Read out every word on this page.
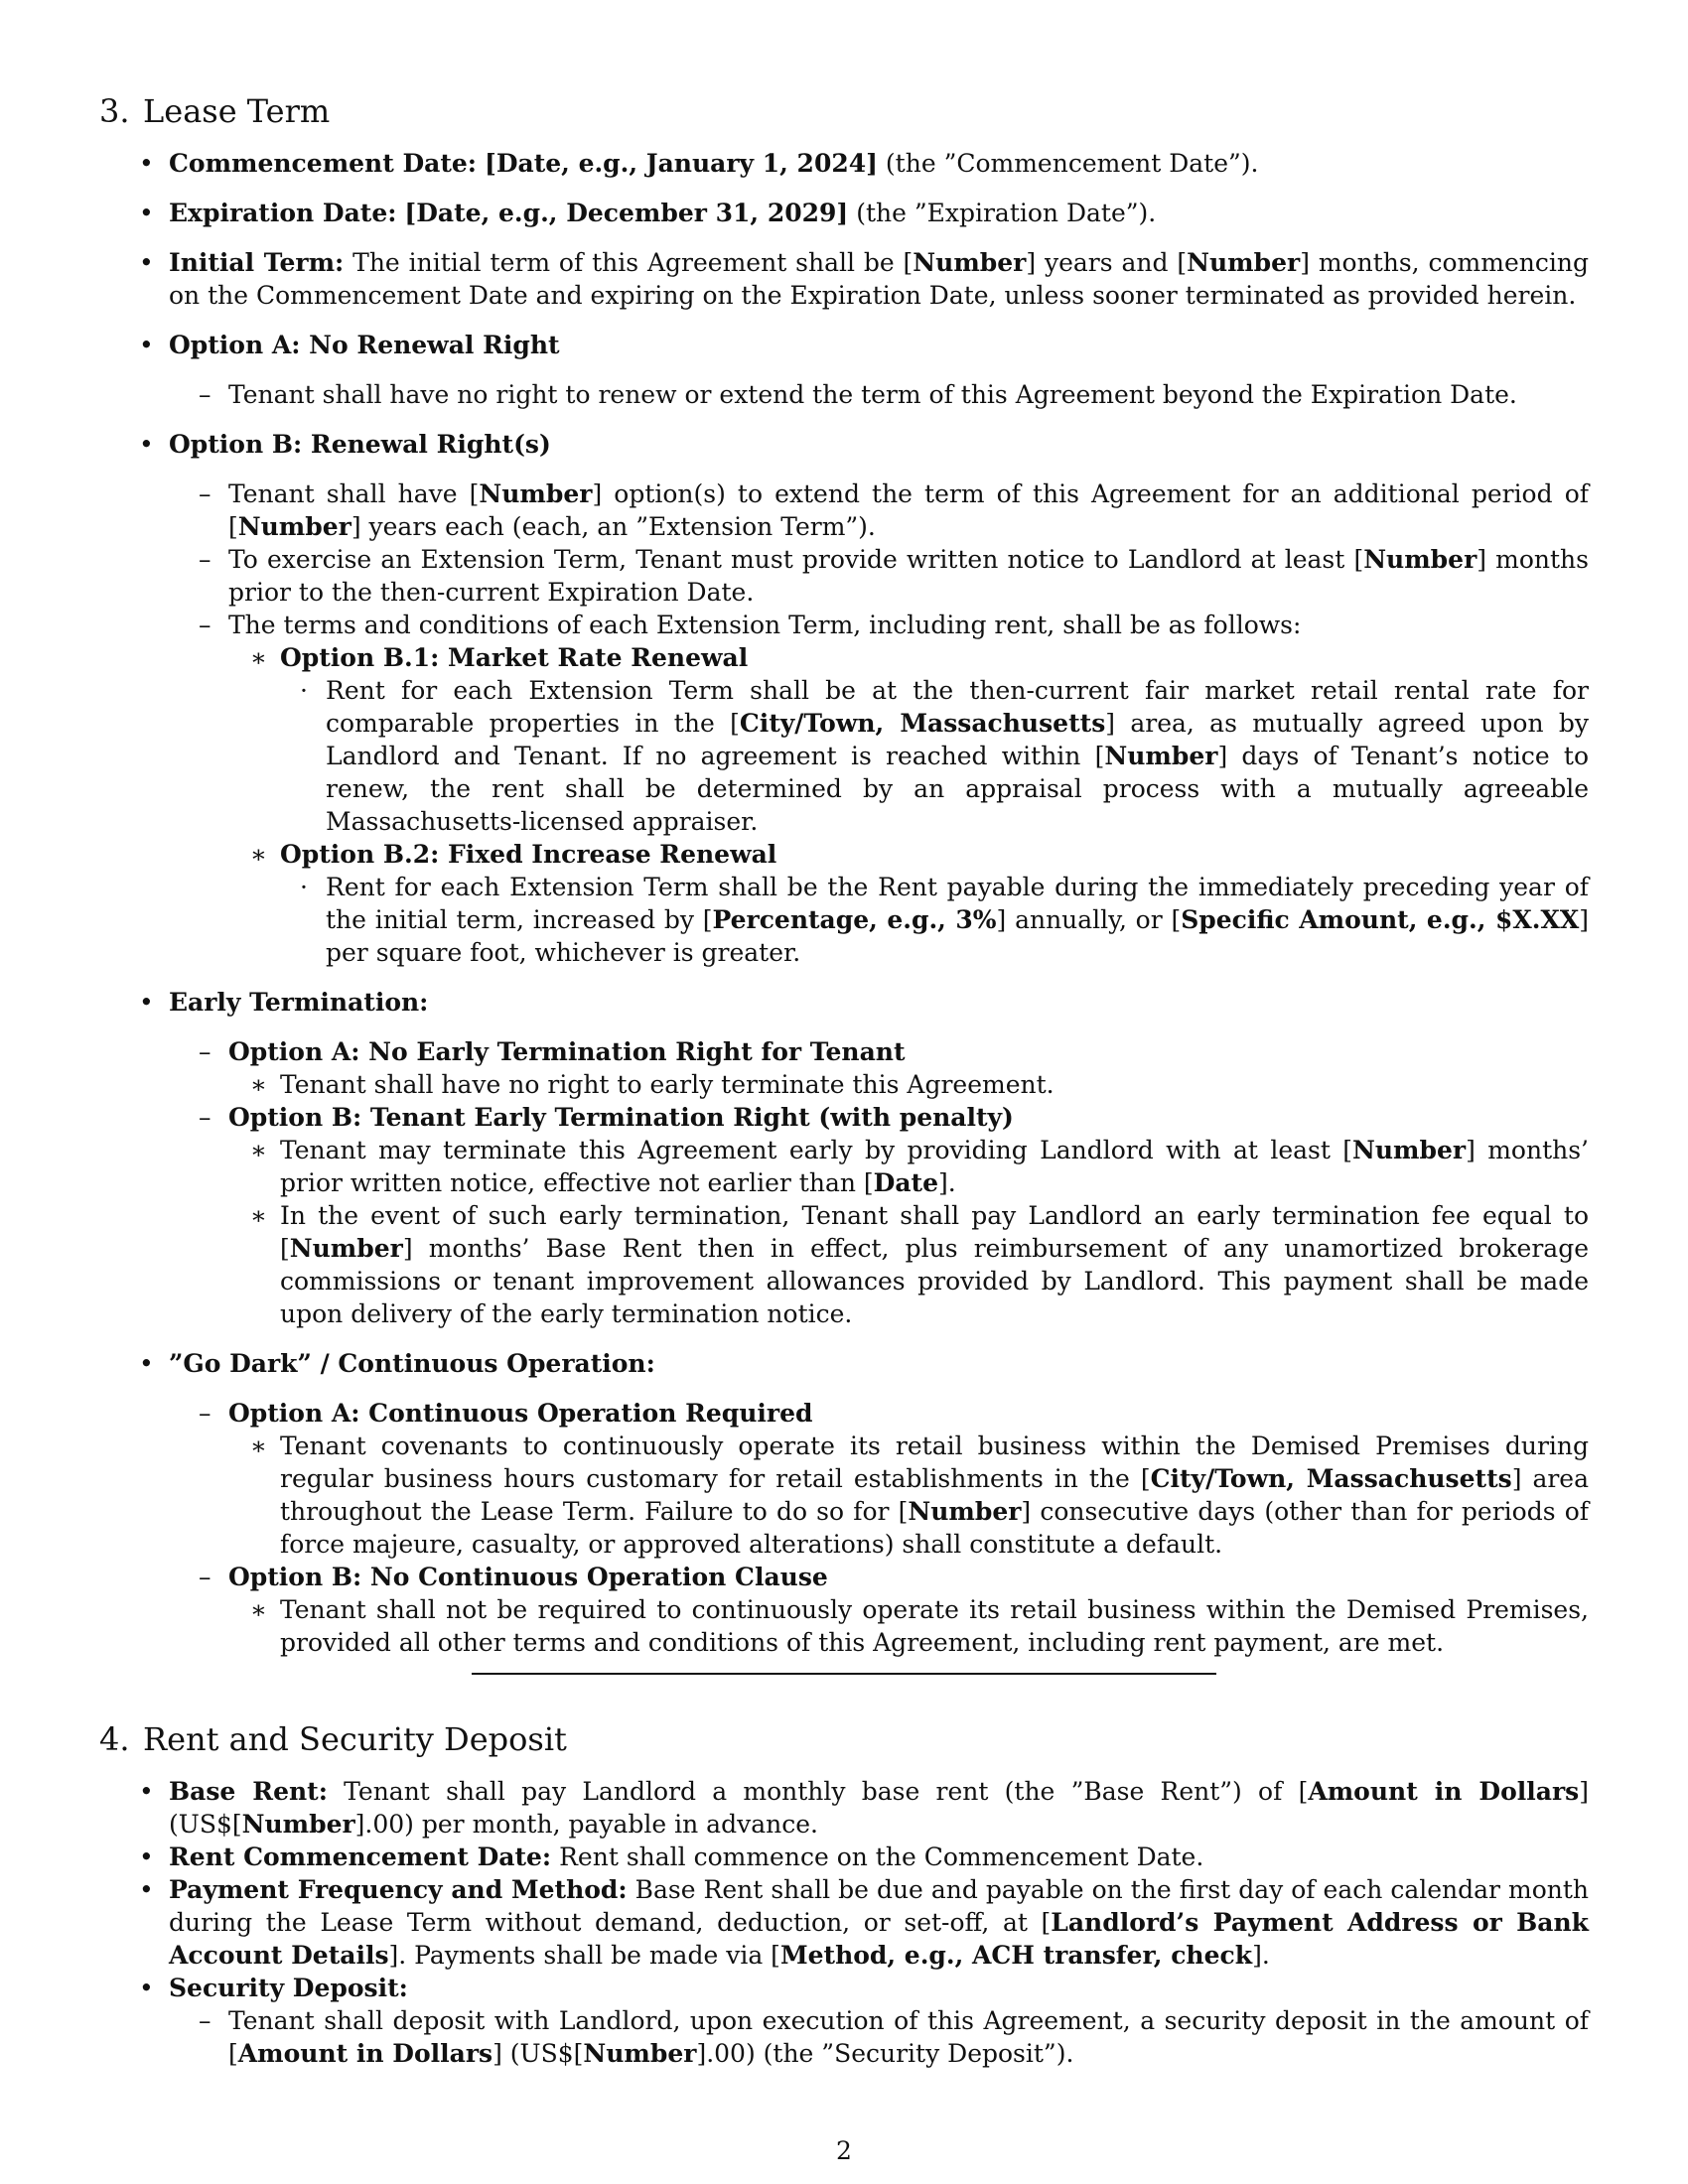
3. Lease Term
• Commencement Date: [Date, e.g., January 1, 2024] (the ”Commencement Date”).
• Expiration Date: [Date, e.g., December 31, 2029] (the ”Expiration Date”).
• Initial Term: The initial term of this Agreement shall be [Number] years and [Number] months, commencing on the Commencement Date and expiring on the Expiration Date, unless sooner terminated as provided herein.
• Option A: No Renewal Right
– Tenant shall have no right to renew or extend the term of this Agreement beyond the Expiration Date.
• Option B: Renewal Right(s)
– Tenant shall have [Number] option(s) to extend the term of this Agreement for an additional period of [Number] years each (each, an ”Extension Term”).
– To exercise an Extension Term, Tenant must provide written notice to Landlord at least [Number] months prior to the then-current Expiration Date.
– The terms and conditions of each Extension Term, including rent, shall be as follows:
∗ Option B.1: Market Rate Renewal
· Rent for each Extension Term shall be at the then-current fair market retail rental rate for comparable properties in the [City/Town, Massachusetts] area, as mutually agreed upon by Landlord and Tenant. If no agreement is reached within [Number] days of Tenant’s notice to renew, the rent shall be determined by an appraisal process with a mutually agreeable Massachusetts-licensed appraiser.
∗ Option B.2: Fixed Increase Renewal
· Rent for each Extension Term shall be the Rent payable during the immediately preceding year of the initial term, increased by [Percentage, e.g., 3%] annually, or [Specific Amount, e.g., $X.XX] per square foot, whichever is greater.
• Early Termination:
– Option A: No Early Termination Right for Tenant
∗ Tenant shall have no right to early terminate this Agreement.
– Option B: Tenant Early Termination Right (with penalty)
∗ Tenant may terminate this Agreement early by providing Landlord with at least [Number] months’ prior written notice, effective not earlier than [Date].
∗ In the event of such early termination, Tenant shall pay Landlord an early termination fee equal to [Number] months’ Base Rent then in effect, plus reimbursement of any unamortized brokerage commissions or tenant improvement allowances provided by Landlord. This payment shall be made upon delivery of the early termination notice.
• ”Go Dark” / Continuous Operation:
– Option A: Continuous Operation Required
∗ Tenant covenants to continuously operate its retail business within the Demised Premises during regular business hours customary for retail establishments in the [City/Town, Massachusetts] area throughout the Lease Term. Failure to do so for [Number] consecutive days (other than for periods of force majeure, casualty, or approved alterations) shall constitute a default.
– Option B: No Continuous Operation Clause
∗ Tenant shall not be required to continuously operate its retail business within the Demised Premises, provided all other terms and conditions of this Agreement, including rent payment, are met.
4. Rent and Security Deposit
• Base Rent: Tenant shall pay Landlord a monthly base rent (the ”Base Rent”) of [Amount in Dollars] (US$[Number].00) per month, payable in advance.
• Rent Commencement Date: Rent shall commence on the Commencement Date.
• Payment Frequency and Method: Base Rent shall be due and payable on the first day of each calendar month during the Lease Term without demand, deduction, or set-off, at [Landlord’s Payment Address or Bank Account Details]. Payments shall be made via [Method, e.g., ACH transfer, check].
• Security Deposit:
– Tenant shall deposit with Landlord, upon execution of this Agreement, a security deposit in the amount of [Amount in Dollars] (US$[Number].00) (the ”Security Deposit”).
2
